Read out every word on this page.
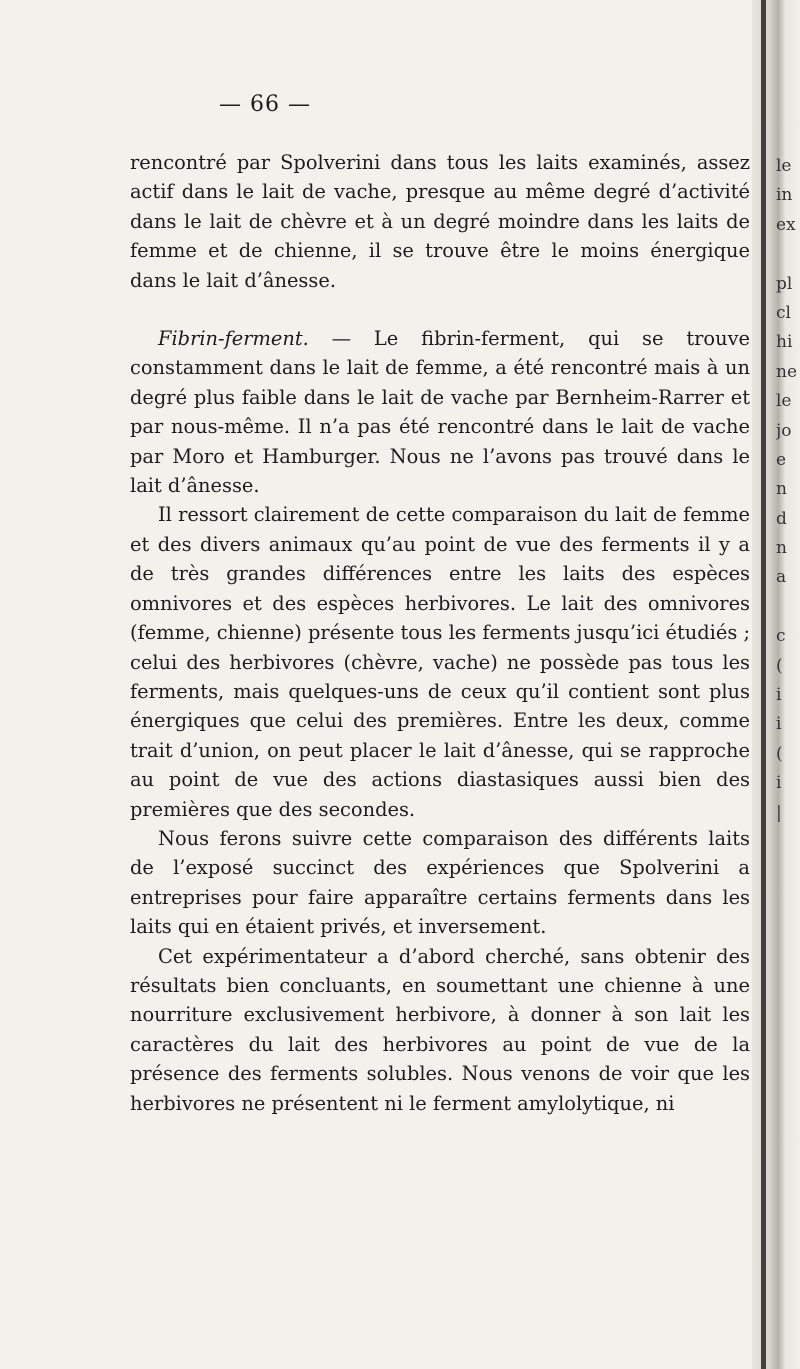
— 66 —

rencontré par Spolverini dans tous les laits examinés, assez actif dans le lait de vache, presque au même degré d’activité dans le lait de chèvre et à un degré moindre dans les laits de femme et de chienne, il se trouve être le moins énergique dans le lait d’ânesse.

Fibrin-ferment. — Le fibrin-ferment, qui se trouve constamment dans le lait de femme, a été rencontré mais à un degré plus faible dans le lait de vache par Bernheim-Rarrer et par nous-même. Il n’a pas été rencontré dans le lait de vache par Moro et Hamburger. Nous ne l’avons pas trouvé dans le lait d’ânesse.

Il ressort clairement de cette comparaison du lait de femme et des divers animaux qu’au point de vue des ferments il y a de très grandes différences entre les laits des espèces omnivores et des espèces herbivores. Le lait des omnivores (femme, chienne) présente tous les ferments jusqu’ici étudiés ; celui des herbivores (chèvre, vache) ne possède pas tous les ferments, mais quelques-uns de ceux qu’il contient sont plus énergiques que celui des premières. Entre les deux, comme trait d’union, on peut placer le lait d’ânesse, qui se rapproche au point de vue des actions diastasiques aussi bien des premières que des secondes.

Nous ferons suivre cette comparaison des différents laits de l’exposé succinct des expériences que Spolverini a entreprises pour faire apparaître certains ferments dans les laits qui en étaient privés, et inversement.

Cet expérimentateur a d’abord cherché, sans obtenir des résultats bien concluants, en soumettant une chienne à une nourriture exclusivement herbivore, à donner à son lait les caractères du lait des herbivores au point de vue de la présence des ferments solubles. Nous venons de voir que les herbivores ne présentent ni le ferment amylolytique, ni

le
in
ex
pl
cl
hi
ne
le
jo
e
n
d
n
a
c
(
i
i
(
i
|
